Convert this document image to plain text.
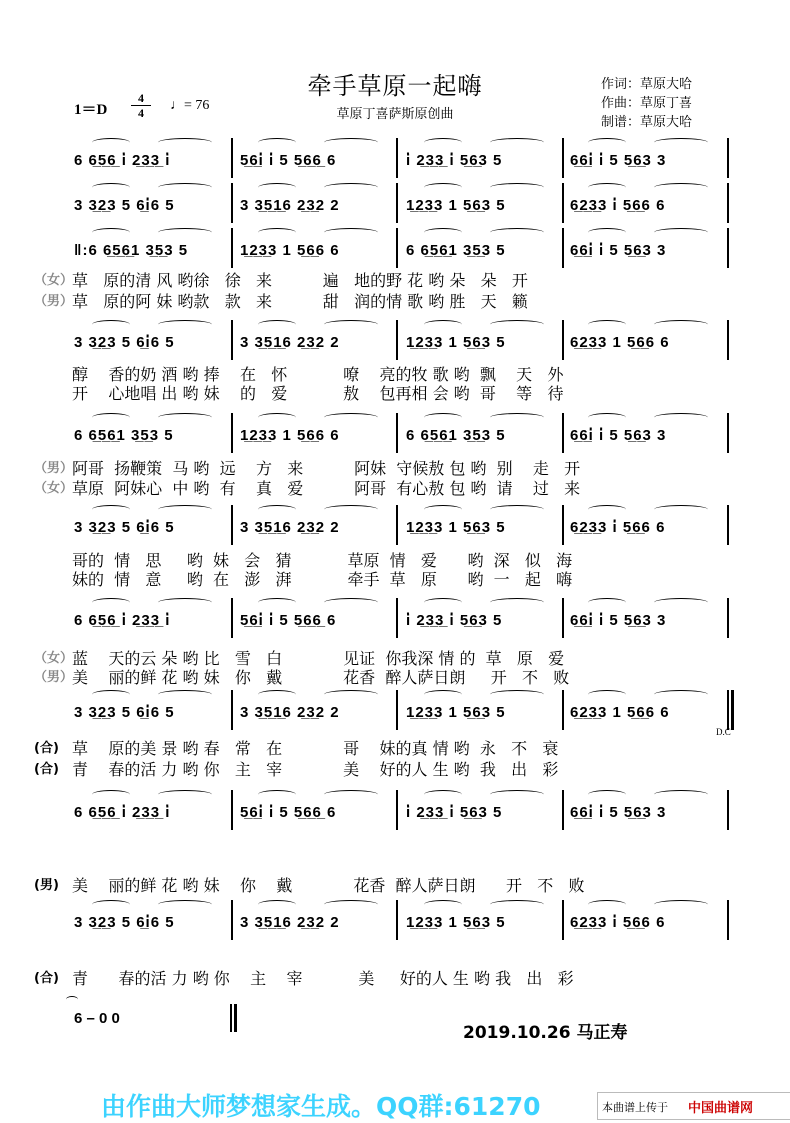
牵手草原一起嗨
草原丁喜萨斯原创曲
作词：草原大哈
作曲：草原丁喜
制谱：草原大哈
1＝D
4
4	♩= 76
6 6̲5̲6̲ i̇ 2̲3̲3̲ i̇	5̲6̲i̇ i̇ 5 5̲6̲6̲ 6	i̇ 2̲3̲3̲ i̇ 5̲6̲3 5	6̲6̲i̇ i̇ 5 5̲6̲3 3
3 3̲2̲3 5 6̲i̇6 5	3 3̲5̲1̲6 2̲3̲2 2	1̲2̲3̲3 1 5̲6̲3 5	6̲2̲3̲3 i̇ 5̲6̲6 6
‖:6 6̲5̲6̲1 3̲5̲3 5	1̲2̲3̲3 1 5̲6̲6 6	6 6̲5̲6̲1 3̲5̲3 5	6̲6̲i̇ i̇ 5 5̲6̲3 3
3 3̲2̲3 5 6̲i̇6 5	3 3̲5̲1̲6 2̲3̲2 2	1̲2̲3̲3 1 5̲6̲3 5	6̲2̲3̲3 1 5̲6̲6 6
6 6̲5̲6̲1 3̲5̲3 5	1̲2̲3̲3 1 5̲6̲6 6	6 6̲5̲6̲1 3̲5̲3 5	6̲6̲i̇ i̇ 5 5̲6̲3 3
3 3̲2̲3 5 6̲i̇6 5	3 3̲5̲1̲6 2̲3̲2 2	1̲2̲3̲3 1 5̲6̲3 5	6̲2̲3̲3 i̇ 5̲6̲6 6
6 6̲5̲6̲ i̇ 2̲3̲3̲ i̇	5̲6̲i̇ i̇ 5 5̲6̲6̲ 6	i̇ 2̲3̲3̲ i̇ 5̲6̲3 5	6̲6̲i̇ i̇ 5 5̲6̲3 3
3 3̲2̲3 5 6̲i̇6 5	3 3̲5̲1̲6 2̲3̲2 2	1̲2̲3̲3 1 5̲6̲3 5	6̲2̲3̲3 1 5̲6̲6 6
6 6̲5̲6̲ i̇ 2̲3̲3̲ i̇	5̲6̲i̇ i̇ 5 5̲6̲6̲ 6	i̇ 2̲3̲3̲ i̇ 5̲6̲3 5	6̲6̲i̇ i̇ 5 5̲6̲3 3
3 3̲2̲3 5 6̲i̇6 5	3 3̲5̲1̲6 2̲3̲2 2	1̲2̲3̲3 1 5̲6̲3 5	6̲2̲3̲3 i̇ 5̲6̲6 6
（女）
草   原的清 风 哟徐   徐   来          遍   地的野 花 哟 朵   朵   开
（男）
草   原的阿 妹 哟款   款   来          甜   润的情 歌 哟 胜   天   籁
醇    香的奶 酒 哟 捧    在   怀           嘹    亮的牧 歌 哟  飘    天   外
开    心地唱 出 哟 妹    的   爱           敖    包再相 会 哟  哥    等   待
（男）
阿哥  扬鞭策  马 哟  远    方   来          阿妹  守候敖 包 哟  别    走   开
（女）
草原  阿妹心  中 哟  有    真   爱          阿哥  有心敖 包 哟  请    过   来
哥的  情   思     哟  妹   会   猜           草原  情   爱      哟  深   似   海
妹的  情   意     哟  在   澎   湃           牵手  草   原      哟  一   起   嗨
（女）
蓝    天的云 朵 哟 比   雪   白            见证  你我深 情 的  草   原   爱
（男）
美    丽的鲜 花 哟 妹   你   戴            花香  醉人萨日朗     开   不   败
(合) 草    原的美 景 哟 春   常   在            哥    妹的真 情 哟  永   不   衰
(合) 青    春的活 力 哟 你   主   宰            美    好的人 生 哟  我   出   彩
(男) 美    丽的鲜 花 哟 妹    你    戴            花香  醉人萨日朗      开   不   败
(合) 青      春的活 力 哟 你    主    宰           美     好的人 生 哟 我   出   彩
D.C
6 – 0 0
2019.10.26 马正寿
由作曲大师梦想家生成。QQ群:61270	本曲谱上传于 中国曲谱网
